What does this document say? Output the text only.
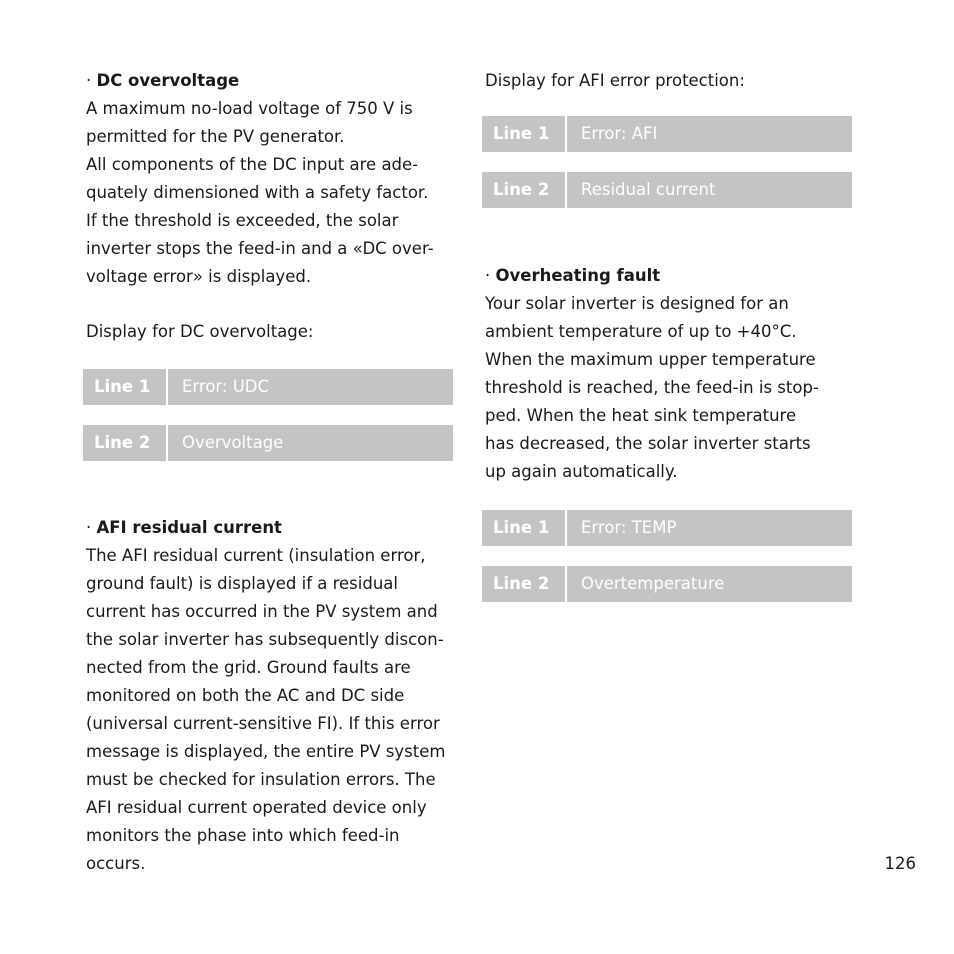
· DC overvoltage
A maximum no-load voltage of 750 V is
permitted for the PV generator.
All components of the DC input are ade-
quately dimensioned with a safety factor.
If the threshold is exceeded, the solar
inverter stops the feed-in and a «DC over-
voltage error» is displayed.
Display for DC overvoltage:
Line 1	Error: UDC
Line 2	Overvoltage
· AFI residual current
The AFI residual current (insulation error,
ground fault) is displayed if a residual
current has occurred in the PV system and
the solar inverter has subsequently discon-
nected from the grid. Ground faults are
monitored on both the AC and DC side
(universal current-sensitive FI). If this error
message is displayed, the entire PV system
must be checked for insulation errors. The
AFI residual current operated device only
monitors the phase into which feed-in
occurs.
Display for AFI error protection:
Line 1	Error: AFI
Line 2	Residual current
· Overheating fault
Your solar inverter is designed for an
ambient temperature of up to +40°C.
When the maximum upper temperature
threshold is reached, the feed-in is stop-
ped. When the heat sink temperature
has decreased, the solar inverter starts
up again automatically.
Line 1	Error: TEMP
Line 2	Overtemperature
126
